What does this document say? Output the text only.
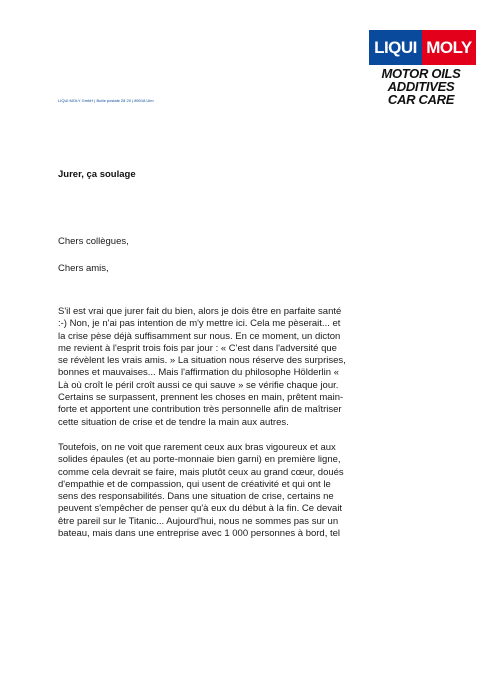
LIQUI MOLY
MOTOR OILS
ADDITIVES
CAR CARE
LIQUI MOLY GmbH | Boîte postale 28 20 | 89018 Ulm
Jurer, ça soulage
Chers collègues,
Chers amis,
S'il est vrai que jurer fait du bien, alors je dois être en parfaite santé
:-) Non, je n'ai pas intention de m'y mettre ici. Cela me pèserait... et
la crise pèse déjà suffisamment sur nous. En ce moment, un dicton
me revient à l'esprit trois fois par jour : « C'est dans l'adversité que
se révèlent les vrais amis. » La situation nous réserve des surprises,
bonnes et mauvaises... Mais l'affirmation du philosophe Hölderlin «
Là où croît le péril croît aussi ce qui sauve » se vérifie chaque jour.
Certains se surpassent, prennent les choses en main, prêtent main-
forte et apportent une contribution très personnelle afin de maîtriser
cette situation de crise et de tendre la main aux autres.
Toutefois, on ne voit que rarement ceux aux bras vigoureux et aux
solides épaules (et au porte-monnaie bien garni) en première ligne,
comme cela devrait se faire, mais plutôt ceux au grand cœur, doués
d'empathie et de compassion, qui usent de créativité et qui ont le
sens des responsabilités. Dans une situation de crise, certains ne
peuvent s'empêcher de penser qu'à eux du début à la fin. Ce devait
être pareil sur le Titanic... Aujourd'hui, nous ne sommes pas sur un
bateau, mais dans une entreprise avec 1 000 personnes à bord, tel
